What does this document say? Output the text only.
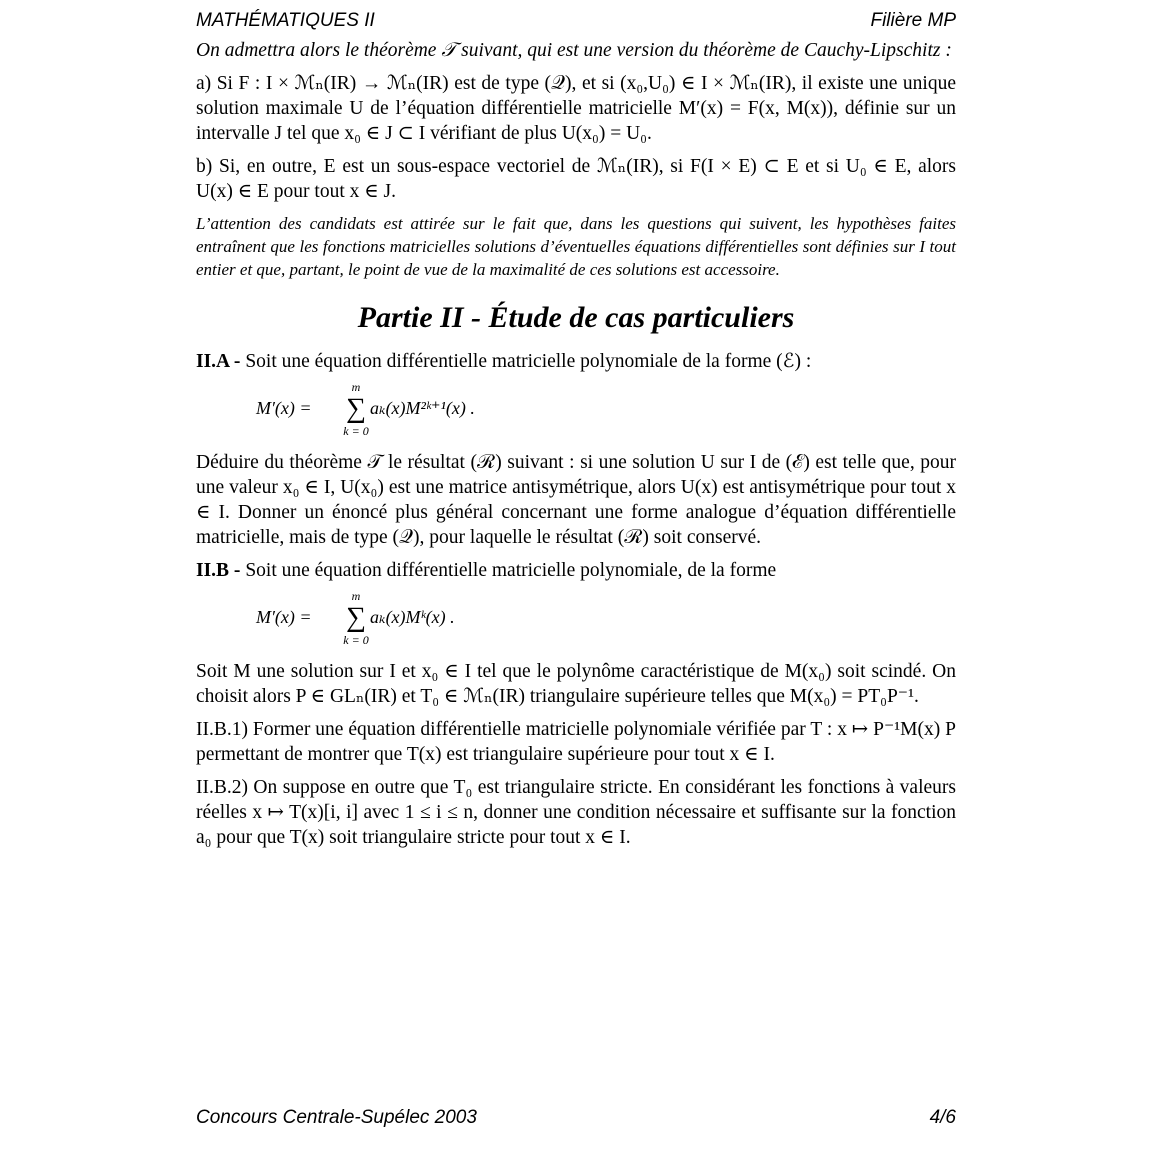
MATHÉMATIQUES II	Filière MP

On admettra alors le théorème 𝒯 suivant, qui est une version du théorème de Cauchy-Lipschitz :

a) Si F : I × ℳₙ(IR) → ℳₙ(IR) est de type (𝒬), et si (x₀,U₀) ∈ I × ℳₙ(IR), il existe une unique solution maximale U de l’équation différentielle matricielle M′(x) = F(x, M(x)), définie sur un intervalle J tel que x₀ ∈ J ⊂ I vérifiant de plus U(x₀) = U₀.

b) Si, en outre, E est un sous-espace vectoriel de ℳₙ(IR), si F(I × E) ⊂ E et si U₀ ∈ E, alors U(x) ∈ E pour tout x ∈ J.

L’attention des candidats est attirée sur le fait que, dans les questions qui suivent, les hypothèses faites entraînent que les fonctions matricielles solutions d’éventuelles équations différentielles sont définies sur I tout entier et que, partant, le point de vue de la maximalité de ces solutions est accessoire.

Partie II - Étude de cas particuliers

II.A - Soit une équation différentielle matricielle polynomiale de la forme (ℰ) :

M′(x) =
m
∑
k = 0
aₖ(x)M²ᵏ⁺¹(x) .

Déduire du théorème 𝒯 le résultat (ℛ) suivant : si une solution U sur I de (ℰ) est telle que, pour une valeur x₀ ∈ I, U(x₀) est une matrice antisymétrique, alors U(x) est antisymétrique pour tout x ∈ I. Donner un énoncé plus général concernant une forme analogue d’équation différentielle matricielle, mais de type (𝒬), pour laquelle le résultat (ℛ) soit conservé.

II.B - Soit une équation différentielle matricielle polynomiale, de la forme

M′(x) =
m
∑
k = 0
aₖ(x)Mᵏ(x) .

Soit M une solution sur I et x₀ ∈ I tel que le polynôme caractéristique de M(x₀) soit scindé. On choisit alors P ∈ GLₙ(IR) et T₀ ∈ ℳₙ(IR) triangulaire supérieure telles que M(x₀) = PT₀P⁻¹.

II.B.1) Former une équation différentielle matricielle polynomiale vérifiée par T : x ↦ P⁻¹M(x) P permettant de montrer que T(x) est triangulaire supérieure pour tout x ∈ I.

II.B.2) On suppose en outre que T₀ est triangulaire stricte. En considérant les fonctions à valeurs réelles x ↦ T(x)[i, i] avec 1 ≤ i ≤ n, donner une condition nécessaire et suffisante sur la fonction a₀ pour que T(x) soit triangulaire stricte pour tout x ∈ I.

Concours Centrale-Supélec 2003	4/6
